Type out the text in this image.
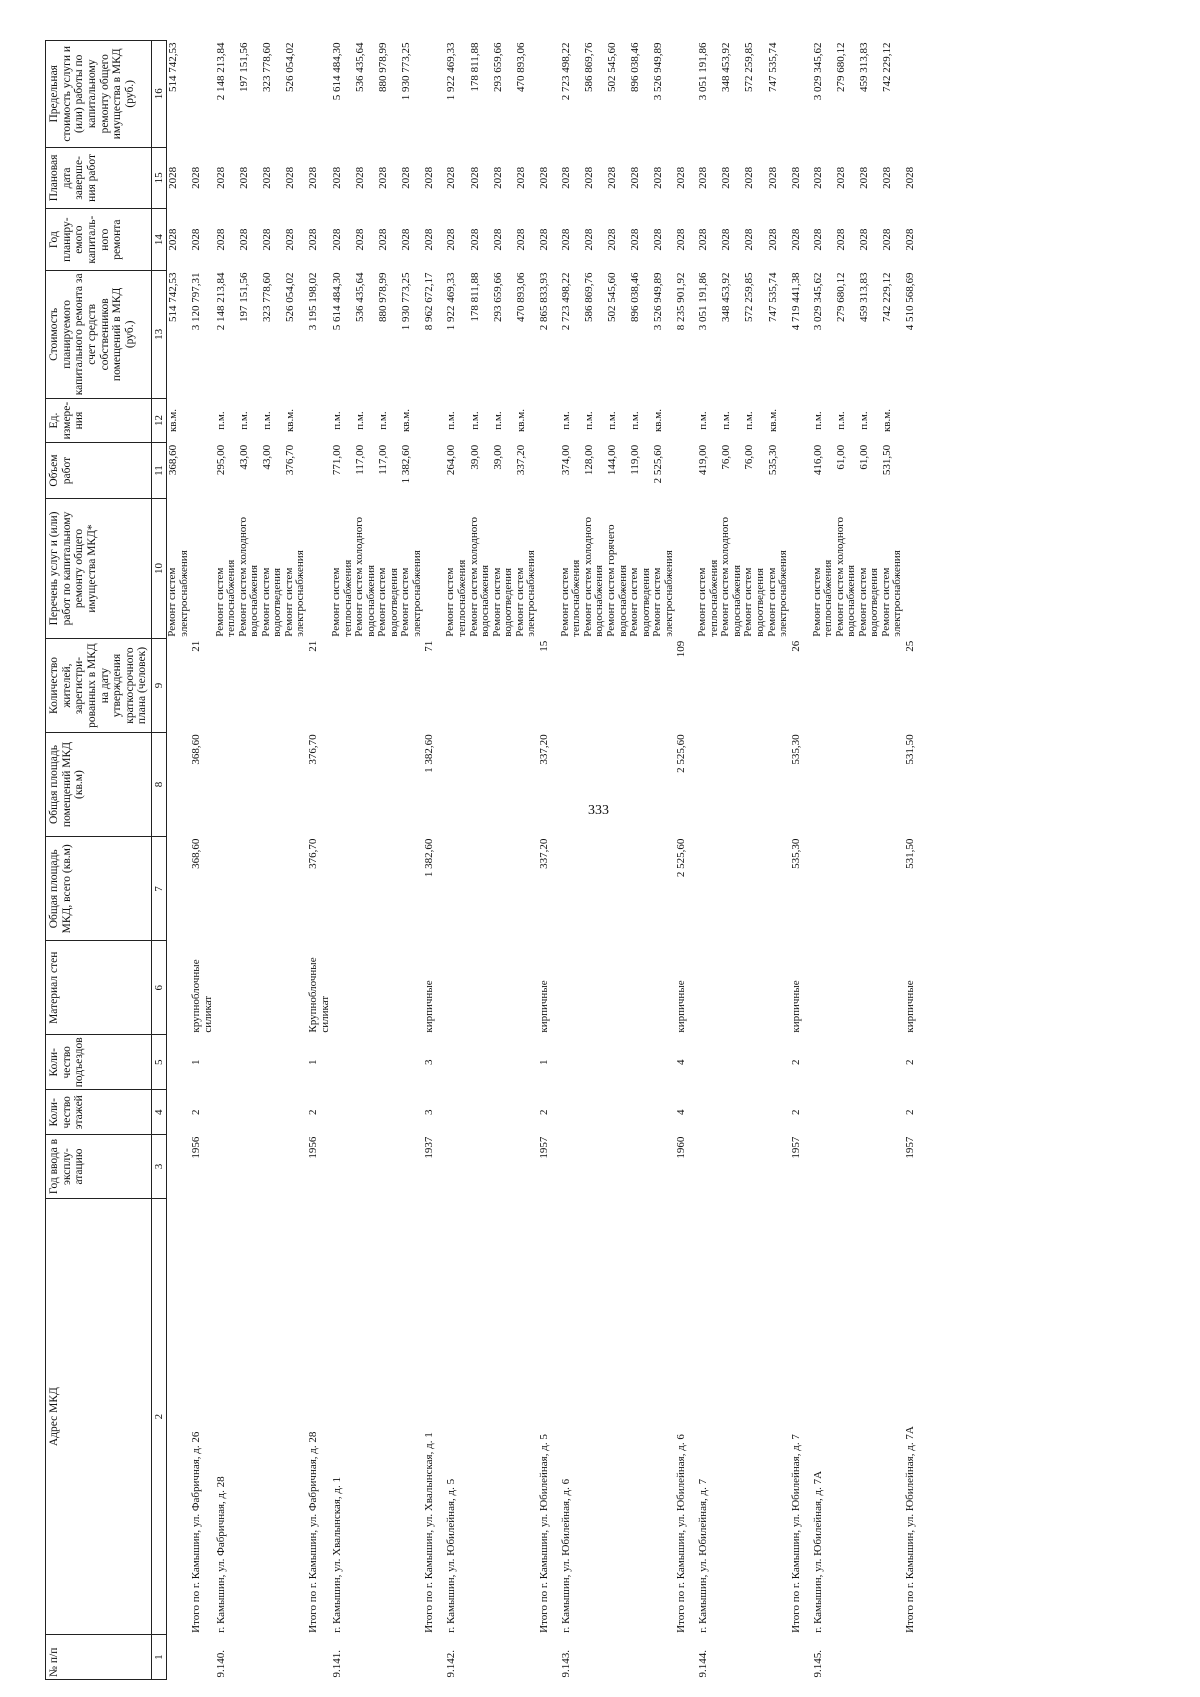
333
№ п/п	Адрес МКД	Год ввода в эксплу-атацию	Коли-чество этажей	Коли-чество подъездов	Материал стен	Общая площадь МКД, всего (кв.м)	Общая площадь помещений МКД (кв.м)	Количество жителей, зарегистри-рованных в МКД на дату утверждения краткосрочного плана (человек)	Перечень услуг и (или) работ по капитальному ремонту общего имущества МКД*	Объем работ	Ед. измере-ния	Стоимость планируемого капитального ремонта за счет средств собственников помещений в МКД (руб.)	Год планиру-емого капиталь-ного ремонта	Плановая дата заверше-ния работ	Предельная стоимость услуги и (или) работы по капитальному ремонту общего имущества в МКД (руб.)
1	2	3	4	5	6	7	8	9	10	11	12	13	14	15	16
									Ремонт систем электроснабжения	368,60	кв.м.	514 742,53	2028	2028	514 742,53
	Итого по г. Камышин, ул. Фабричная, д. 26	1956	2	1	крупноблочные силикат	368,60	368,60	21				3 120 797,31	2028	2028	
9.140.	г. Камышин, ул. Фабричная, д. 28								Ремонт систем теплоснабжения	295,00	п.м.	2 148 213,84	2028	2028	2 148 213,84
									Ремонт систем холодного водоснабжения	43,00	п.м.	197 151,56	2028	2028	197 151,56
									Ремонт систем водоотведения	43,00	п.м.	323 778,60	2028	2028	323 778,60
									Ремонт систем электроснабжения	376,70	кв.м.	526 054,02	2028	2028	526 054,02
	Итого по г. Камышин, ул. Фабричная, д. 28	1956	2	1	Крупноблочные силикат	376,70	376,70	21				3 195 198,02	2028	2028	
9.141.	г. Камышин, ул. Хвалынская, д. 1								Ремонт систем теплоснабжения	771,00	п.м.	5 614 484,30	2028	2028	5 614 484,30
									Ремонт систем холодного водоснабжения	117,00	п.м.	536 435,64	2028	2028	536 435,64
									Ремонт систем водоотведения	117,00	п.м.	880 978,99	2028	2028	880 978,99
									Ремонт систем электроснабжения	1 382,60	кв.м.	1 930 773,25	2028	2028	1 930 773,25
	Итого по г. Камышин, ул. Хвалынская, д. 1	1937	3	3	кирпичные	1 382,60	1 382,60	71				8 962 672,17	2028	2028	
9.142.	г. Камышин, ул. Юбилейная, д. 5								Ремонт систем теплоснабжения	264,00	п.м.	1 922 469,33	2028	2028	1 922 469,33
									Ремонт систем холодного водоснабжения	39,00	п.м.	178 811,88	2028	2028	178 811,88
									Ремонт систем водоотведения	39,00	п.м.	293 659,66	2028	2028	293 659,66
									Ремонт систем электроснабжения	337,20	кв.м.	470 893,06	2028	2028	470 893,06
	Итого по г. Камышин, ул. Юбилейная, д. 5	1957	2	1	кирпичные	337,20	337,20	15				2 865 833,93	2028	2028	
9.143.	г. Камышин, ул. Юбилейная, д. 6								Ремонт систем теплоснабжения	374,00	п.м.	2 723 498,22	2028	2028	2 723 498,22
									Ремонт систем холодного водоснабжения	128,00	п.м.	586 869,76	2028	2028	586 869,76
									Ремонт систем горячего водоснабжения	144,00	п.м.	502 545,60	2028	2028	502 545,60
									Ремонт систем водоотведения	119,00	п.м.	896 038,46	2028	2028	896 038,46
									Ремонт систем электроснабжения	2 525,60	кв.м.	3 526 949,89	2028	2028	3 526 949,89
	Итого по г. Камышин, ул. Юбилейная, д. 6	1960	4	4	кирпичные	2 525,60	2 525,60	109				8 235 901,92	2028	2028	
9.144.	г. Камышин, ул. Юбилейная, д. 7								Ремонт систем теплоснабжения	419,00	п.м.	3 051 191,86	2028	2028	3 051 191,86
									Ремонт систем холодного водоснабжения	76,00	п.м.	348 453,92	2028	2028	348 453,92
									Ремонт систем водоотведения	76,00	п.м.	572 259,85	2028	2028	572 259,85
									Ремонт систем электроснабжения	535,30	кв.м.	747 535,74	2028	2028	747 535,74
	Итого по г. Камышин, ул. Юбилейная, д. 7	1957	2	2	кирпичные	535,30	535,30	26				4 719 441,38	2028	2028	
9.145.	г. Камышин, ул. Юбилейная, д. 7А								Ремонт систем теплоснабжения	416,00	п.м.	3 029 345,62	2028	2028	3 029 345,62
									Ремонт систем холодного водоснабжения	61,00	п.м.	279 680,12	2028	2028	279 680,12
									Ремонт систем водоотведения	61,00	п.м.	459 313,83	2028	2028	459 313,83
									Ремонт систем электроснабжения	531,50	кв.м.	742 229,12	2028	2028	742 229,12
	Итого по г. Камышин, ул. Юбилейная, д. 7А	1957	2	2	кирпичные	531,50	531,50	25				4 510 568,69	2028	2028	
